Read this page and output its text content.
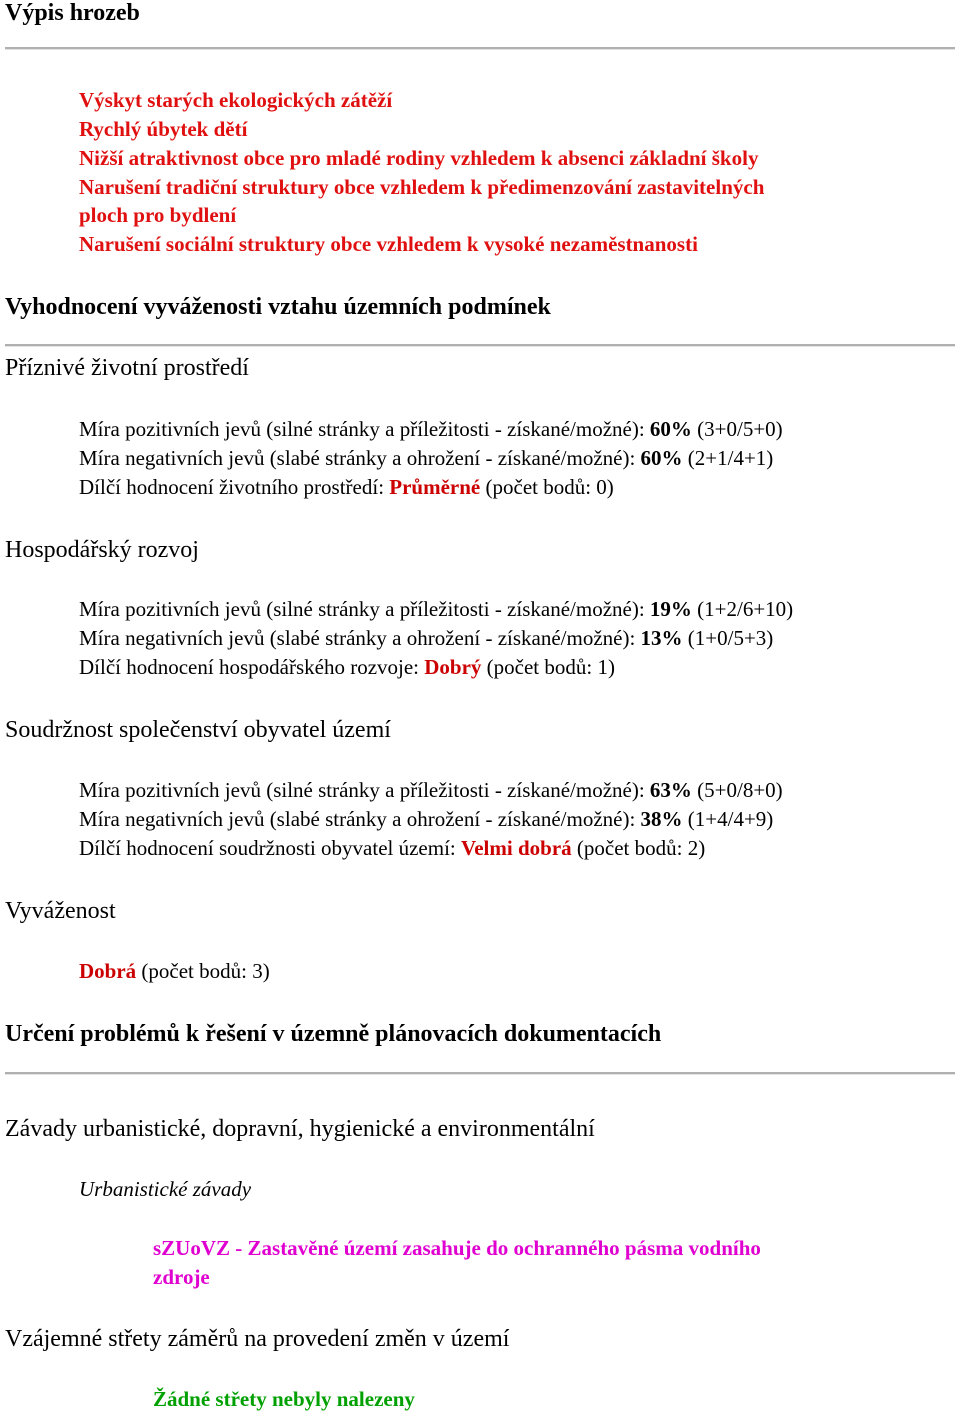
Výpis hrozeb
Výskyt starých ekologických zátěží
Rychlý úbytek dětí
Nižší atraktivnost obce pro mladé rodiny vzhledem k absenci základní školy
Narušení tradiční struktury obce vzhledem k předimenzování zastavitelných
ploch pro bydlení
Narušení sociální struktury obce vzhledem k vysoké nezaměstnanosti
Vyhodnocení vyváženosti vztahu územních podmínek
Příznivé životní prostředí
Míra pozitivních jevů (silné stránky a příležitosti - získané/možné): 60% (3+0/5+0)
Míra negativních jevů (slabé stránky a ohrožení - získané/možné): 60% (2+1/4+1)
Dílčí hodnocení životního prostředí: Průměrné (počet bodů: 0)
Hospodářský rozvoj
Míra pozitivních jevů (silné stránky a příležitosti - získané/možné): 19% (1+2/6+10)
Míra negativních jevů (slabé stránky a ohrožení - získané/možné): 13% (1+0/5+3)
Dílčí hodnocení hospodářského rozvoje: Dobrý (počet bodů: 1)
Soudržnost společenství obyvatel území
Míra pozitivních jevů (silné stránky a příležitosti - získané/možné): 63% (5+0/8+0)
Míra negativních jevů (slabé stránky a ohrožení - získané/možné): 38% (1+4/4+9)
Dílčí hodnocení soudržnosti obyvatel území: Velmi dobrá (počet bodů: 2)
Vyváženost
Dobrá (počet bodů: 3)
Určení problémů k řešení v územně plánovacích dokumentacích
Závady urbanistické, dopravní, hygienické a environmentální
Urbanistické závady
sZUoVZ - Zastavěné území zasahuje do ochranného pásma vodního
zdroje
Vzájemné střety záměrů na provedení změn v území
Žádné střety nebyly nalezeny
